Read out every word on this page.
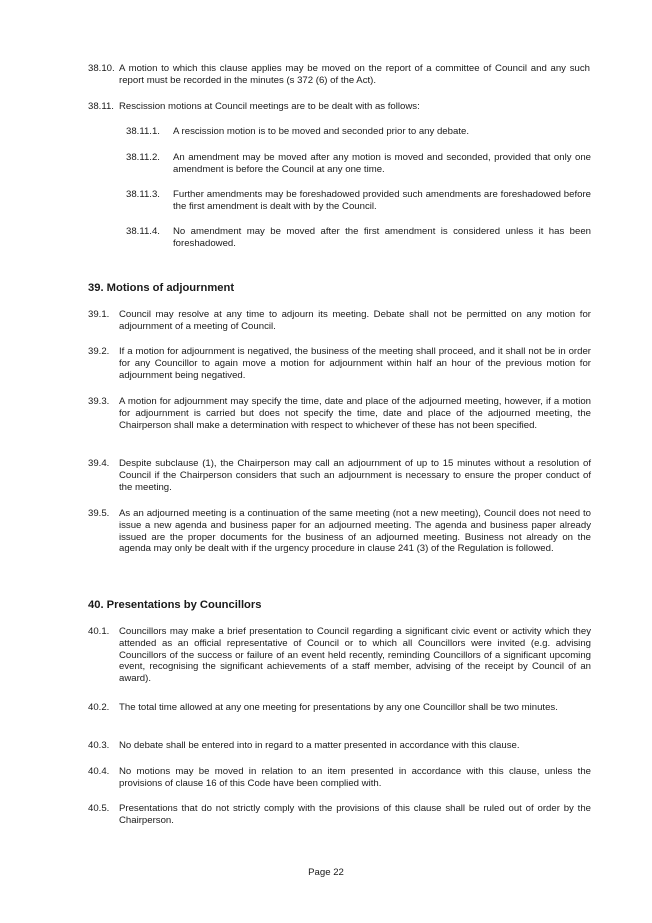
38.10. A motion to which this clause applies may be moved on the report of a committee of Council and any such report must be recorded in the minutes (s 372 (6) of the Act).
38.11. Rescission motions at Council meetings are to be dealt with as follows:
38.11.1.	A rescission motion is to be moved and seconded prior to any debate.
38.11.2.	An amendment may be moved after any motion is moved and seconded, provided that only one amendment is before the Council at any one time.
38.11.3.	Further amendments may be foreshadowed provided such amendments are foreshadowed before the first amendment is dealt with by the Council.
38.11.4.	No amendment may be moved after the first amendment is considered unless it has been foreshadowed.
39. Motions of adjournment
39.1.	Council may resolve at any time to adjourn its meeting. Debate shall not be permitted on any motion for adjournment of a meeting of Council.
39.2.	If a motion for adjournment is negatived, the business of the meeting shall proceed, and it shall not be in order for any Councillor to again move a motion for adjournment within half an hour of the previous motion for adjournment being negatived.
39.3.	A motion for adjournment may specify the time, date and place of the adjourned meeting, however, if a motion for adjournment is carried but does not specify the time, date and place of the adjourned meeting, the Chairperson shall make a determination with respect to whichever of these has not been specified.
39.4.	Despite subclause (1), the Chairperson may call an adjournment of up to 15 minutes without a resolution of Council if the Chairperson considers that such an adjournment is necessary to ensure the proper conduct of the meeting.
39.5.	As an adjourned meeting is a continuation of the same meeting (not a new meeting), Council does not need to issue a new agenda and business paper for an adjourned meeting. The agenda and business paper already issued are the proper documents for the business of an adjourned meeting. Business not already on the agenda may only be dealt with if the urgency procedure in clause 241 (3) of the Regulation is followed.
40. Presentations by Councillors
40.1.	Councillors may make a brief presentation to Council regarding a significant civic event or activity which they attended as an official representative of Council or to which all Councillors were invited (e.g. advising Councillors of the success or failure of an event held recently, reminding Councillors of a significant upcoming event, recognising the significant achievements of a staff member, advising of the receipt by Council of an award).
40.2.	The total time allowed at any one meeting for presentations by any one Councillor shall be two minutes.
40.3.	No debate shall be entered into in regard to a matter presented in accordance with this clause.
40.4.	No motions may be moved in relation to an item presented in accordance with this clause, unless the provisions of clause 16 of this Code have been complied with.
40.5.	Presentations that do not strictly comply with the provisions of this clause shall be ruled out of order by the Chairperson.
Page 22
